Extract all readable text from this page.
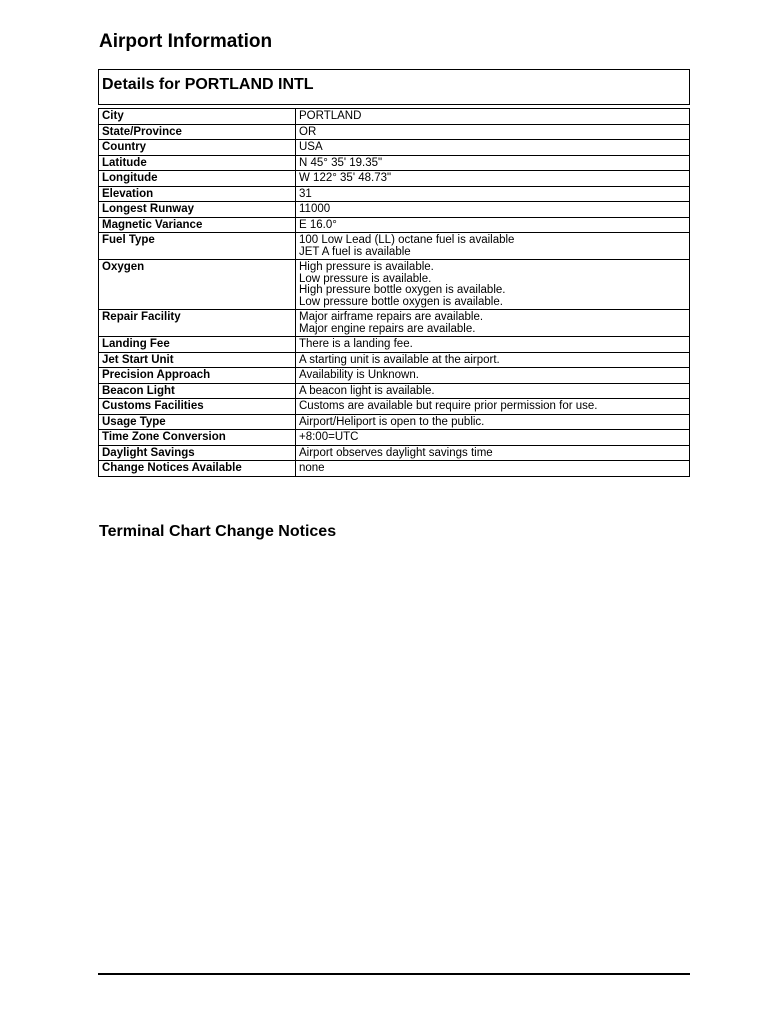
Airport Information
Details for PORTLAND INTL
City	PORTLAND

State/Province	OR

Country	USA

Latitude	N 45° 35' 19.35"

Longitude	W 122° 35' 48.73"

Elevation	31

Longest Runway	11000

Magnetic Variance	E 16.0°

Fuel Type	100 Low Lead (LL) octane fuel is available
JET A fuel is available

Oxygen	High pressure is available.
Low pressure is available.
High pressure bottle oxygen is available.
Low pressure bottle oxygen is available.

Repair Facility	Major airframe repairs are available.
Major engine repairs are available.

Landing Fee	There is a landing fee.

Jet Start Unit	A starting unit is available at the airport.

Precision Approach	Availability is Unknown.

Beacon Light	A beacon light is available.

Customs Facilities	Customs are available but require prior permission for use.

Usage Type	Airport/Heliport is open to the public.

Time Zone Conversion	+8:00=UTC

Daylight Savings	Airport observes daylight savings time

Change Notices Available	none
Terminal Chart Change Notices
